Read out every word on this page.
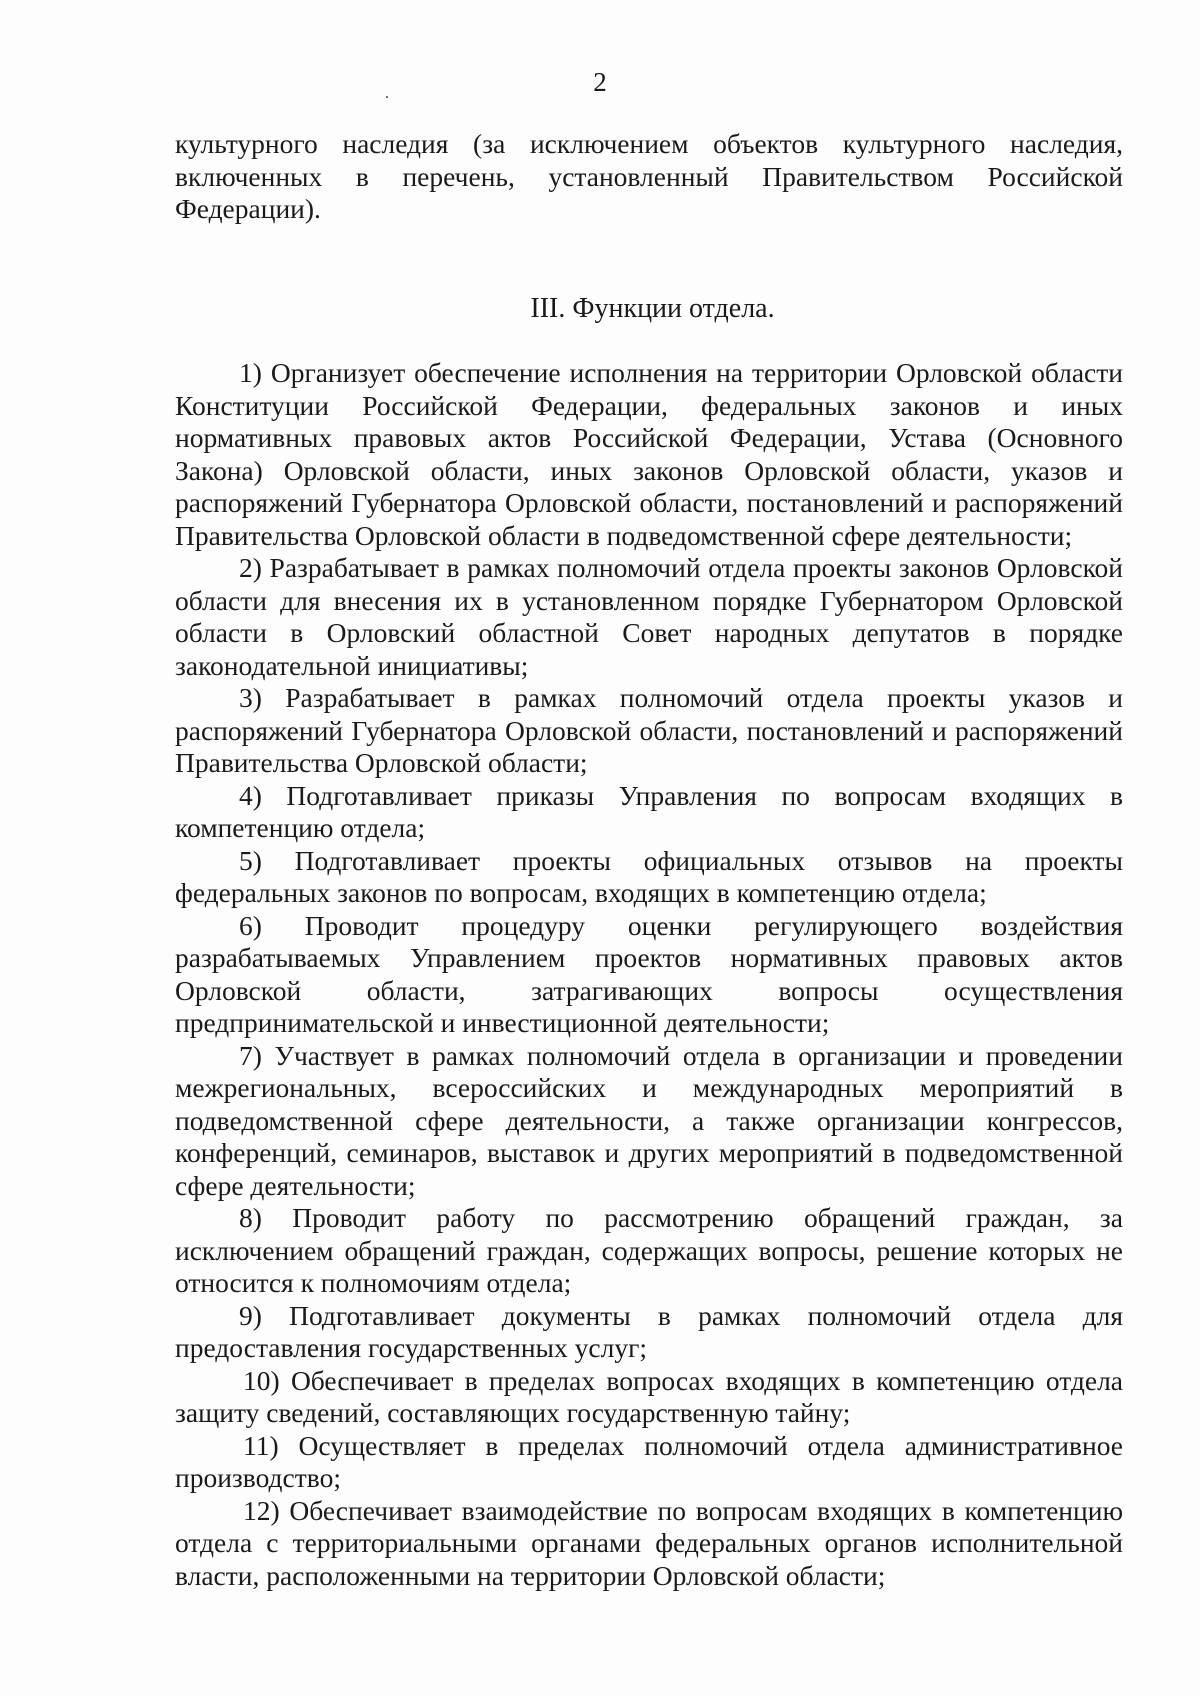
2

культурного наследия (за исключением объектов культурного наследия, включенных в перечень, установленный Правительством Российской Федерации).

III. Функции отдела.

1) Организует обеспечение исполнения на территории Орловской области Конституции Российской Федерации, федеральных законов и иных нормативных правовых актов Российской Федерации, Устава (Основного Закона) Орловской области, иных законов Орловской области, указов и распоряжений Губернатора Орловской области, постановлений и распоряжений Правительства Орловской области в подведомственной сфере деятельности;

2) Разрабатывает в рамках полномочий отдела проекты законов Орловской области для внесения их в установленном порядке Губернатором Орловской области в Орловский областной Совет народных депутатов в порядке законодательной инициативы;

3) Разрабатывает в рамках полномочий отдела проекты указов и распоряжений Губернатора Орловской области, постановлений и распоряжений Правительства Орловской области;

4) Подготавливает приказы Управления по вопросам входящих в компетенцию отдела;

5) Подготавливает проекты официальных отзывов на проекты федеральных законов по вопросам, входящих в компетенцию отдела;

6) Проводит процедуру оценки регулирующего воздействия разрабатываемых Управлением проектов нормативных правовых актов Орловской области, затрагивающих вопросы осуществления предпринимательской и инвестиционной деятельности;

7) Участвует в рамках полномочий отдела в организации и проведении межрегиональных, всероссийских и международных мероприятий в подведомственной сфере деятельности, а также организации конгрессов, конференций, семинаров, выставок и других мероприятий в подведомственной сфере деятельности;

8) Проводит работу по рассмотрению обращений граждан, за исключением обращений граждан, содержащих вопросы, решение которых не относится к полномочиям отдела;

9) Подготавливает документы в рамках полномочий отдела для предоставления государственных услуг;

10) Обеспечивает в пределах вопросах входящих в компетенцию отдела защиту сведений, составляющих государственную тайну;

11) Осуществляет в пределах полномочий отдела административное производство;

12) Обеспечивает взаимодействие по вопросам входящих в компетенцию отдела с территориальными органами федеральных органов исполнительной власти, расположенными на территории Орловской области;
